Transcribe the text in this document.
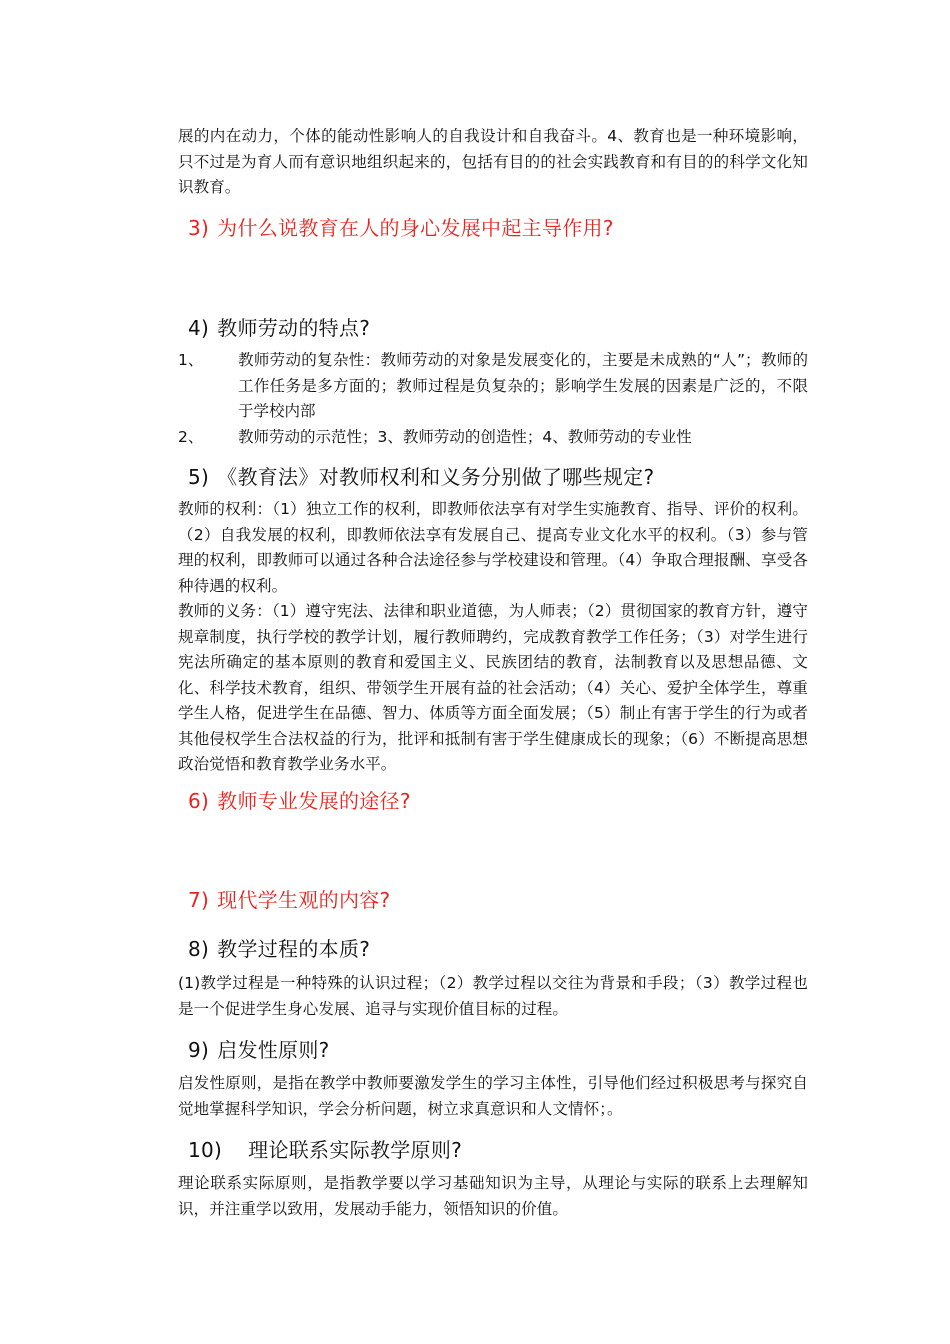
展的内在动力，个体的能动性影响人的自我设计和自我奋斗。4、教育也是一种环境影响，只不过是为育人而有意识地组织起来的，包括有目的的社会实践教育和有目的的科学文化知识教育。

3) 为什么说教育在人的身心发展中起主导作用?
4) 教师劳动的特点?
1、 教师劳动的复杂性：教师劳动的对象是发展变化的，主要是未成熟的“人”；教师的工作任务是多方面的；教师过程是负复杂的；影响学生发展的因素是广泛的，不限于学校内部
2、 教师劳动的示范性；3、教师劳动的创造性；4、教师劳动的专业性
5) 《教育法》对教师权利和义务分别做了哪些规定?

教师的权利：（1）独立工作的权利，即教师依法享有对学生实施教育、指导、评价的权利。（2）自我发展的权利，即教师依法享有发展自己、提高专业文化水平的权利。（3）参与管理的权利，即教师可以通过各种合法途径参与学校建设和管理。（4）争取合理报酬、享受各种待遇的权利。

教师的义务：（1）遵守宪法、法律和职业道德，为人师表；（2）贯彻国家的教育方针，遵守规章制度，执行学校的教学计划，履行教师聘约，完成教育教学工作任务；（3）对学生进行宪法所确定的基本原则的教育和爱国主义、民族团结的教育，法制教育以及思想品德、文化、科学技术教育，组织、带领学生开展有益的社会活动；（4）关心、爱护全体学生，尊重学生人格，促进学生在品德、智力、体质等方面全面发展；（5）制止有害于学生的行为或者其他侵权学生合法权益的行为，批评和抵制有害于学生健康成长的现象；（6）不断提高思想政治觉悟和教育教学业务水平。

6) 教师专业发展的途径?
7) 现代学生观的内容?
8) 教学过程的本质?

(1)教学过程是一种特殊的认识过程；（2）教学过程以交往为背景和手段；（3）教学过程也是一个促进学生身心发展、追寻与实现价值目标的过程。

9) 启发性原则?

启发性原则，是指在教学中教师要激发学生的学习主体性，引导他们经过积极思考与探究自觉地掌握科学知识，学会分析问题，树立求真意识和人文情怀；。

10) 理论联系实际教学原则?

理论联系实际原则，是指教学要以学习基础知识为主导，从理论与实际的联系上去理解知识，并注重学以致用，发展动手能力，领悟知识的价值。
